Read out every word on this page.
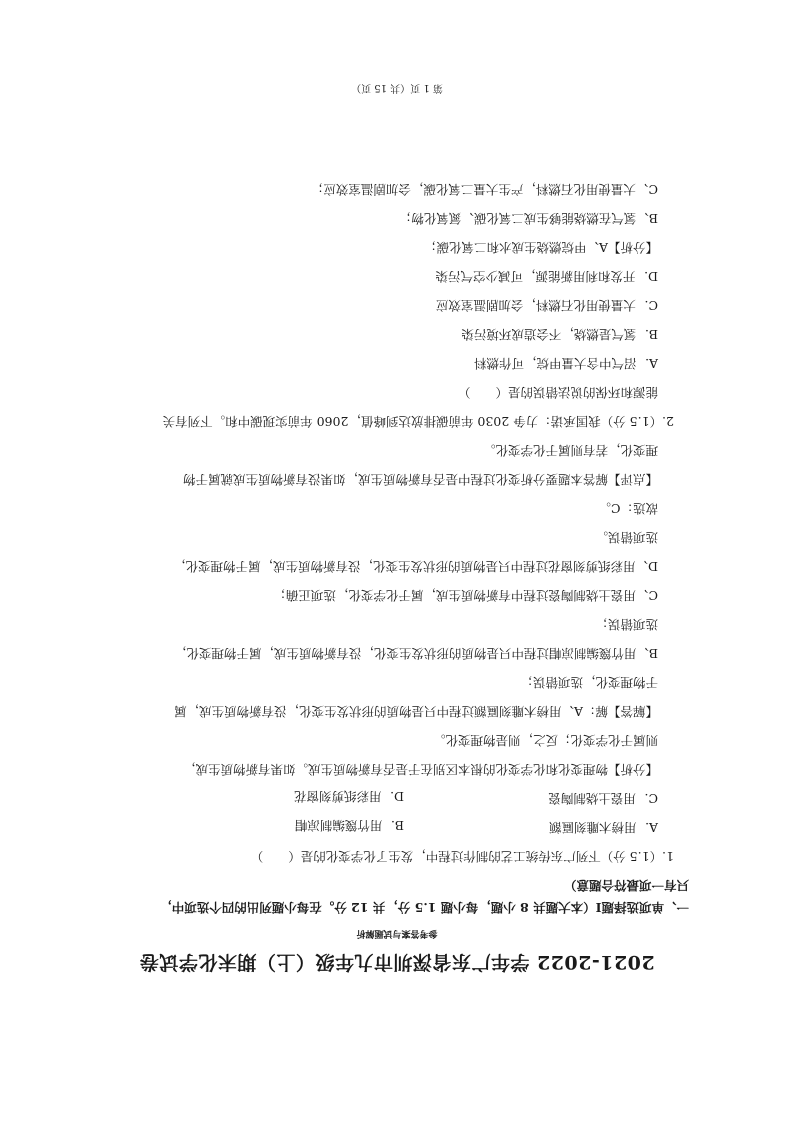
2021-2022 学年广东省深圳市九年级（上）期末化学试卷
参考答案与试题解析
一、单项选择题Ⅰ（本大题共 8 小题，每小题 1.5 分，共 12 分。在每小题列出的四个选项中，
只有一项最符合题意）
1.（1.5 分）下列广东传统工艺的制作过程中，发生了化学变化的是（　　）
A．用榜木雕刻匾额
B．用竹篾编制凉帽
C．用瓷土烧制陶瓷
D．用彩纸剪刻窗花
【分析】物理变化和化学变化的根本区别在于是否有新物质生成。如果有新物质生成，
则属于化学变化；反之，则是物理变化。
【解答】解：A、用榜木雕刻匾额过程中只是物质的形状发生变化，没有新物质生成，属
于物理变化，选项错误；
B、用竹篾编制凉帽过程中只是物质的形状发生变化，没有新物质生成，属于物理变化，
选项错误；
C、用瓷土烧制陶瓷过程中有新物质生成，属于化学变化，选项正确；
D、用彩纸剪刻窗花过程中只是物质的形状发生变化，没有新物质生成，属于物理变化，
选项错误。
故选：C。
【点评】解答本题要分析变化过程中是否有新物质生成，如果没有新物质生成就属于物
理变化，若有则属于化学变化。
2.（1.5 分）我国承诺：力争 2030 年前碳排放达到峰值，2060 年前实现碳中和。下列有关
能源和环保的说法错误的是（　　）
A．沼气中含大量甲烷，可作燃料
B．氢气是燃烧，不会造成环境污染
C．大量使用化石燃料，会加剧温室效应
D．开发和利用新能源，可减少空气污染
【分析】A、甲烷燃烧生成水和二氧化碳；
B、氢气在燃烧能够生成二氧化碳、氮氧化物；
C、大量使用化石燃料，产生大量二氧化碳，会加剧温室效应；
第 1 页（共 15 页）
